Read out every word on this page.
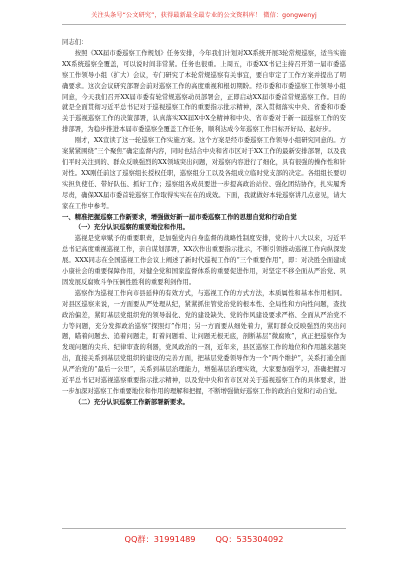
关注头条号“公文研究”，获得最新最全最专业的公文资料库！ 微信：gongwenyj

同志们：

按照《XX届市委巡察工作规划》任务安排，今年我们计划对XX系统开展3轮常规巡察，适当实施XX系统巡察全覆盖，可以说时间非常紧。任务也很重。上周五，市委XX书记主持召开第一届市委巡察工作领导小组（扩大）会议，专门研究了本轮常规巡察有关事宜，要自审定了工作方案并提出了明确要求。这次会议研究部署会前对巡察工作的高度重视和根切期盼。经市委和市委巡察工作领导小组同意，今天我们召开XX届市委有轮常规巡察动员部署会，正即启动XX届市委首常规巡察工作。目的就是全面贯彻习近平总书记对于巡视巡察工作的重要指示批示精神，深入贯彻落实中央、省委和市委关于巡视巡察工作的决策部署，认真落实XX届X中X全精神和中央、省市委对于新一届巡察工作的安排部署，为稳步推进本届市委巡察全覆盖工作任务，顺利达成今年巡察工作目标开好局、起好步。

刚才，XX宣读了这一轮巡察工作实施方案。这个方案是经市委巡察工作领导小组研究同意的。方案紧紧围绕“三个聚焦”确定监督内容，同时也结合中央和省市区对于XX工作的最新安排部署，以及我们平时关注到的、群众反映强烈的XX领域突出问题，对巡察内容进行了细化，具有很强的操作性和针对性。XX刚任前这了巡察组长授权任职，巡察组分工以及各组成立临时党支部的决定。各组组长要切实担负使任、带好队伍、抓好工作；巡察组各成员要进一步提高政治站位、强化团结协作，扎实履秀尽责，确保XX届市委首轮巡察工作取得实实在在的成效。下面，我就做好本轮巡察讲几点意见，请大家在工作中参考。

一、精准把握巡察工作新要求，增强做好新一届市委巡察工作的思想自觉和行动自觉

（一）充分认识巡察的重要地位和作用。

巡视是党章赋予的重要职责，是加强党内自身监督的战略性制度安排，党的十八大以来，习近平总书记高度重视巡视工作，亲自谋划部署，XX次作出重要指示批示，不断引领推动巡视工作向纵深发展。XXX同志在全国巡视工作会议上阐述了新时代巡视工作的“三个重要作用”，即：对决胜全面建成小康社会的重要保障作用，对健全党和国家监督体系的重要促进作用，对坚定不移全面从严治党、巩固发展反腐败斗争压倒性胜利的重要利剑作用。

巡察作为巡视工作向市县延伸的有效方式，与巡视工作的方式方法，本质属性和基本作用相同。对县区巡察来说，一方面要从严处理从纪，紧紧抓住管党治党的根本性、全局性和方向性问题，查找政治偏差，紧盯基层党组织党的领导弱化、党的建设缺失、党的作风建设要求严格、全面从严治党不力等问题，充分发挥政治巡察“探照灯”作用；另一方面要从细处着力，紧盯群众反映强烈的突出问题，瞄着问题去、追着问题走，盯着问题看、让问题无根无底，剖断基层“微腐败”，真正把巡察作为发现问题的尖兵、纪律审查的利器，党风政治的一剂，近年来，县区巡察工作的地位和作用越来越突出，直接关系到基层党组织的建设的完善方面，把基层党委领导作为一个“两个维护”，关系打通全面从严治党的“最后一公里”，关系到基层治理能力，增强基层治理实效，大家要加强学习，准确把握习近平总书记对巡视巡察重要指示批示精神，以及党中央和省市区对关于巡视巡察工作的具体要求，进一步加深对巡察工作重要地位和作用的理解和把握，不断增强做好巡察工作的政治自觉和行动自觉。

（二）充分认识巡察工作新部署新要求。

QQ群：31991489 QQ：535304092
